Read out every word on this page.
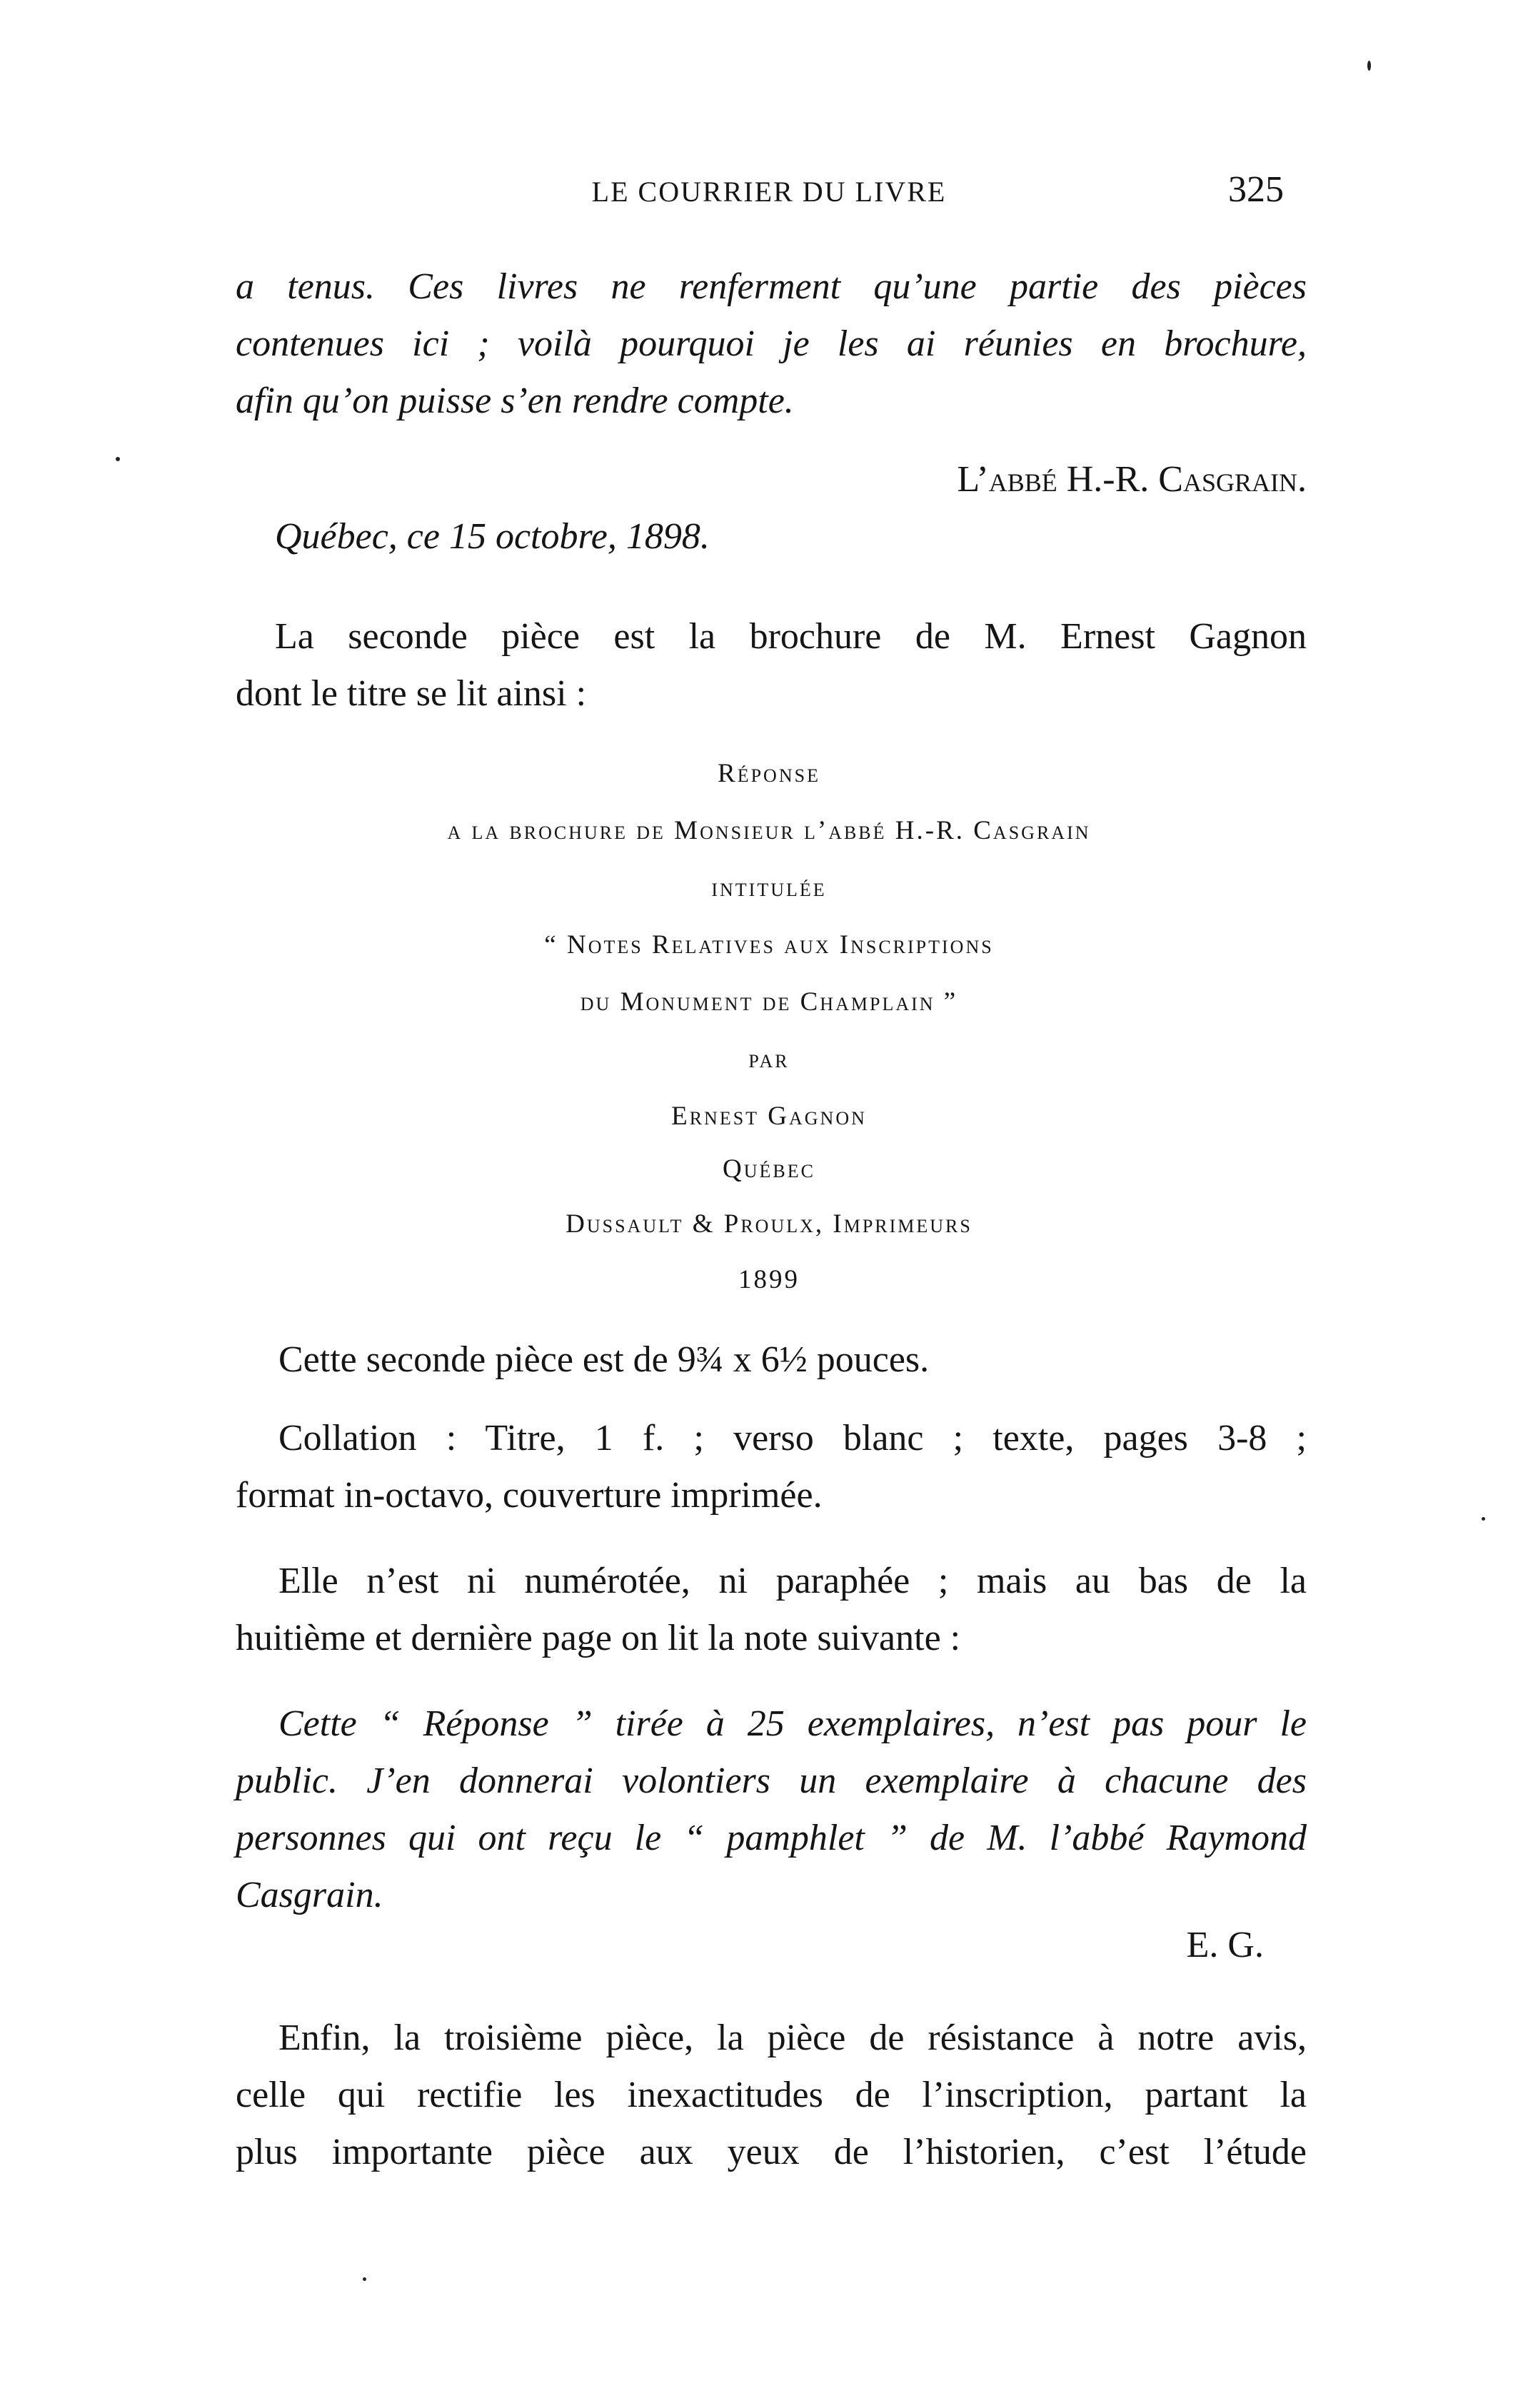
LE COURRIER DU LIVRE	325

a tenus. Ces livres ne renferment qu’une partie des pièces

contenues ici ; voilà pourquoi je les ai réunies en brochure,

afin qu’on puisse s’en rendre compte.

L’abbé H.-R. Casgrain.

Québec, ce 15 octobre, 1898.

La seconde pièce est la brochure de M. Ernest Gagnon

dont le titre se lit ainsi :

Réponse

a la brochure de Monsieur l’abbé H.-R. Casgrain

intitulée

“ Notes Relatives aux Inscriptions

du Monument de Champlain ”

par

Ernest Gagnon

Québec

Dussault & Proulx, Imprimeurs

1899

Cette seconde pièce est de 9¾ x 6½ pouces.

Collation : Titre, 1 f. ; verso blanc ; texte, pages 3-8 ;

format in-octavo, couverture imprimée.

Elle n’est ni numérotée, ni paraphée ; mais au bas de la

huitième et dernière page on lit la note suivante :

Cette “ Réponse ” tirée à 25 exemplaires, n’est pas pour le

public. J’en donnerai volontiers un exemplaire à chacune des

personnes qui ont reçu le “ pamphlet ” de M. l’abbé Raymond

Casgrain.

E. G.

Enfin, la troisième pièce, la pièce de résistance à notre avis,

celle qui rectifie les inexactitudes de l’inscription, partant la

plus importante pièce aux yeux de l’historien, c’est l’étude
